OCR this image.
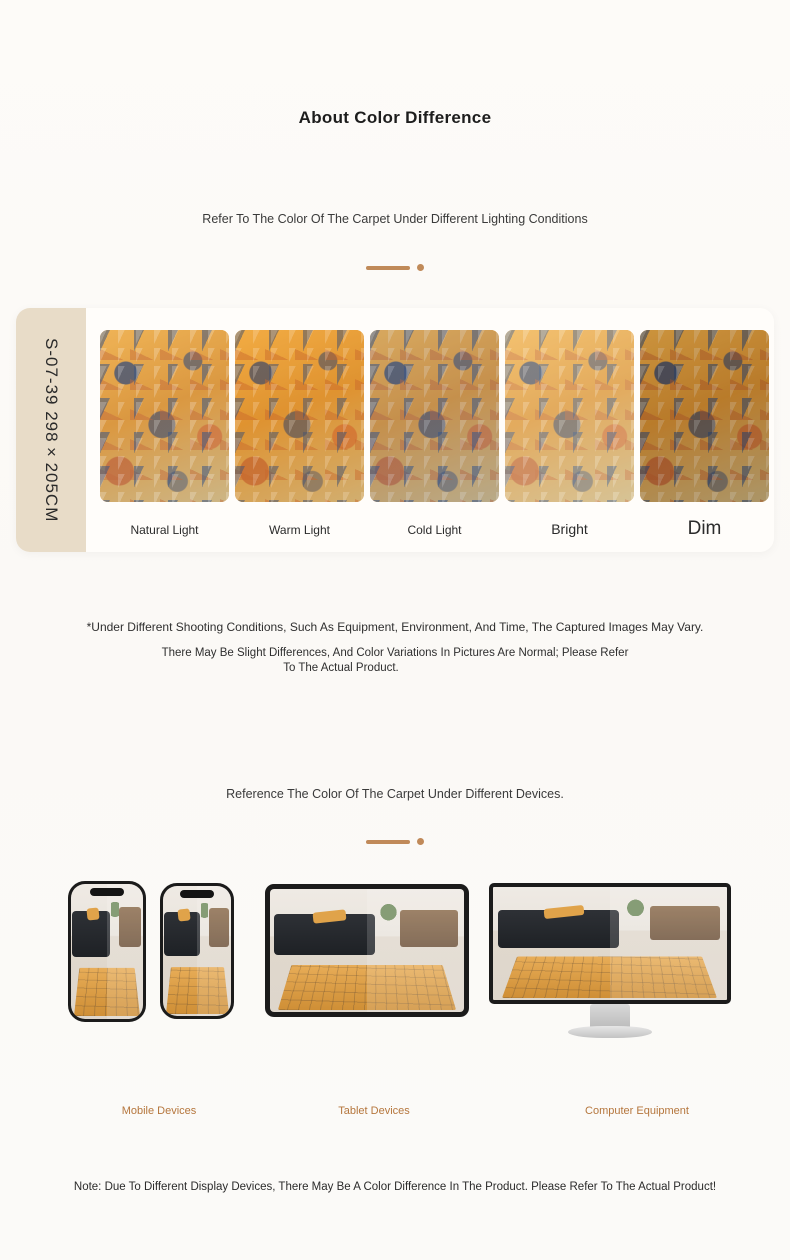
About Color Difference
Refer To The Color Of The Carpet Under Different Lighting Conditions
S-07-39 298×205CM
Natural Light	Warm Light	Cold Light	Bright	Dim
*Under Different Shooting Conditions, Such As Equipment, Environment, And Time, The Captured Images May Vary.
There May Be Slight Differences, And Color Variations In Pictures Are Normal; Please Refer
To The Actual Product.
Reference The Color Of The Carpet Under Different Devices.
Mobile Devices	Tablet Devices	Computer Equipment
Note: Due To Different Display Devices, There May Be A Color Difference In The Product. Please Refer To The Actual Product!
